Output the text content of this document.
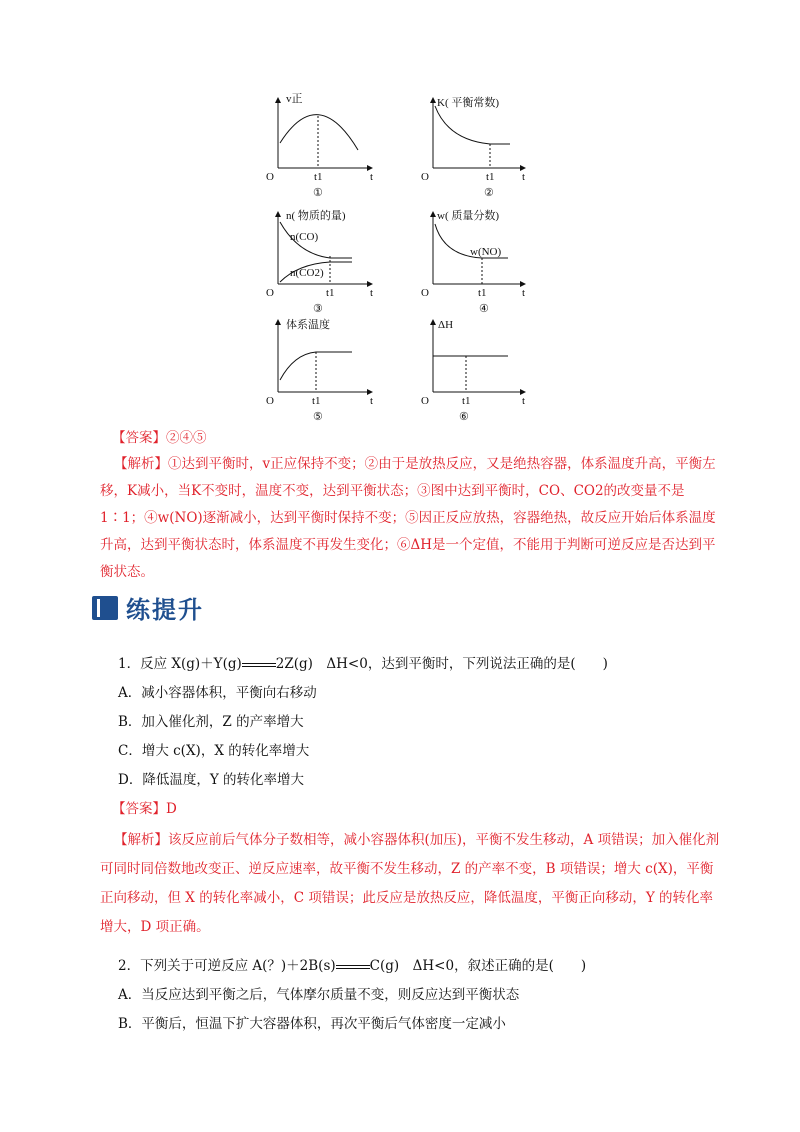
v正
O	t
t1
①
K( 平衡常数)
O	t
t1
②
n( 物质的量)
n(CO)
n(CO2)
O	t
t1
③
w( 质量分数)
w(NO)
O	t
t1
④
体系温度
O	t
t1
⑤
ΔH
O	t
t1
⑥
【答案】②④⑤
【解析】①达到平衡时，v正应保持不变；②由于是放热反应，又是绝热容器，体系温度升高，平衡左移，K减小，当K不变时，温度不变，达到平衡状态；③图中达到平衡时，CO、CO2的改变量不是1∶1；④w(NO)逐渐减小，达到平衡时保持不变；⑤因正反应放热，容器绝热，故反应开始后体系温度升高，达到平衡状态时，体系温度不再发生变化；⑥ΔH是一个定值，不能用于判断可逆反应是否达到平衡状态。
练提升
1．反应 X(g)＋Y(g)	2Z(g)　ΔH<0，达到平衡时，下列说法正确的是(　　)
A．减小容器体积，平衡向右移动
B．加入催化剂，Z 的产率增大
C．增大 c(X)，X 的转化率增大
D．降低温度，Y 的转化率增大
【答案】D
【解析】该反应前后气体分子数相等，减小容器体积(加压)，平衡不发生移动，A 项错误；加入催化剂可同时同倍数地改变正、逆反应速率，故平衡不发生移动，Z 的产率不变，B 项错误；增大 c(X)，平衡正向移动，但 X 的转化率减小，C 项错误；此反应是放热反应，降低温度，平衡正向移动，Y 的转化率增大，D 项正确。
2．下列关于可逆反应 A(？)＋2B(s)	C(g)　ΔH<0，叙述正确的是(　　)
A．当反应达到平衡之后，气体摩尔质量不变，则反应达到平衡状态
B．平衡后，恒温下扩大容器体积，再次平衡后气体密度一定减小
